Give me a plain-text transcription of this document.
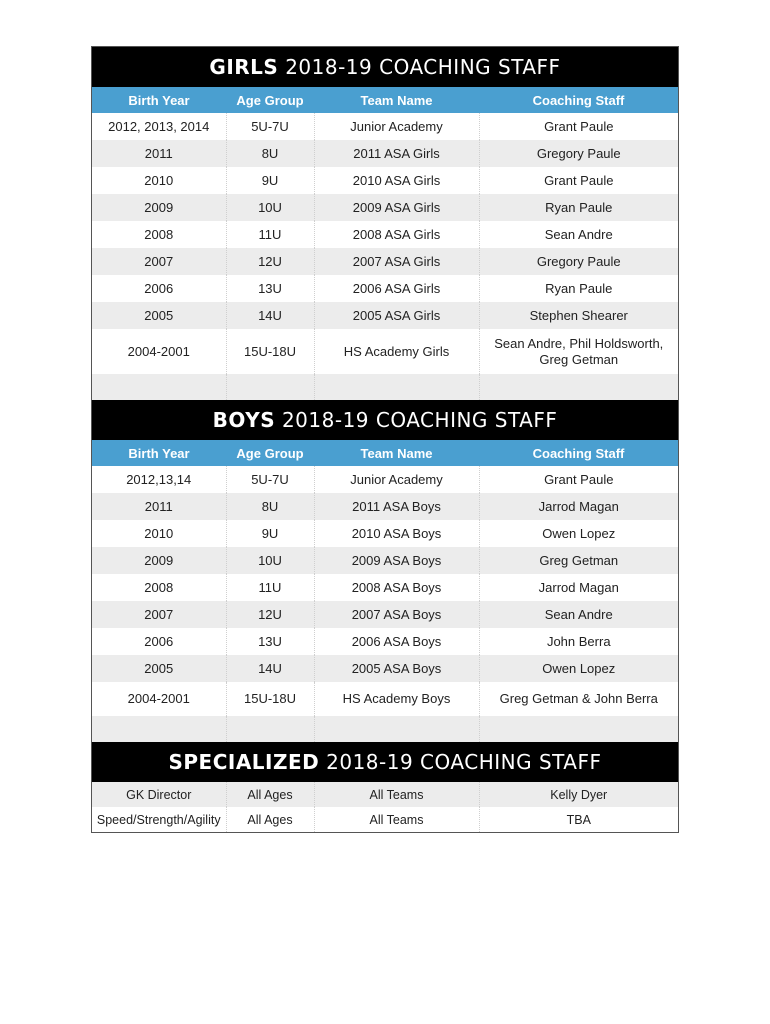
GIRLS 2018-19 COACHING STAFF
Birth Year	Age Group	Team Name	Coaching Staff
2012, 2013, 2014	5U-7U	Junior Academy	Grant Paule
2011	8U	2011 ASA Girls	Gregory Paule
2010	9U	2010 ASA Girls	Grant Paule
2009	10U	2009 ASA Girls	Ryan Paule
2008	11U	2008 ASA Girls	Sean Andre
2007	12U	2007 ASA Girls	Gregory Paule
2006	13U	2006 ASA Girls	Ryan Paule
2005	14U	2005 ASA Girls	Stephen Shearer
2004-2001	15U-18U	HS Academy Girls	Sean Andre, Phil Holdsworth, Greg Getman

BOYS 2018-19 COACHING STAFF
Birth Year	Age Group	Team Name	Coaching Staff
2012,13,14	5U-7U	Junior Academy	Grant Paule
2011	8U	2011 ASA Boys	Jarrod Magan
2010	9U	2010 ASA Boys	Owen Lopez
2009	10U	2009 ASA Boys	Greg Getman
2008	11U	2008 ASA Boys	Jarrod Magan
2007	12U	2007 ASA Boys	Sean Andre
2006	13U	2006 ASA Boys	John Berra
2005	14U	2005 ASA Boys	Owen Lopez
2004-2001	15U-18U	HS Academy Boys	Greg Getman & John Berra

SPECIALIZED 2018-19 COACHING STAFF
GK Director	All Ages	All Teams	Kelly Dyer
Speed/Strength/Agility	All Ages	All Teams	TBA
